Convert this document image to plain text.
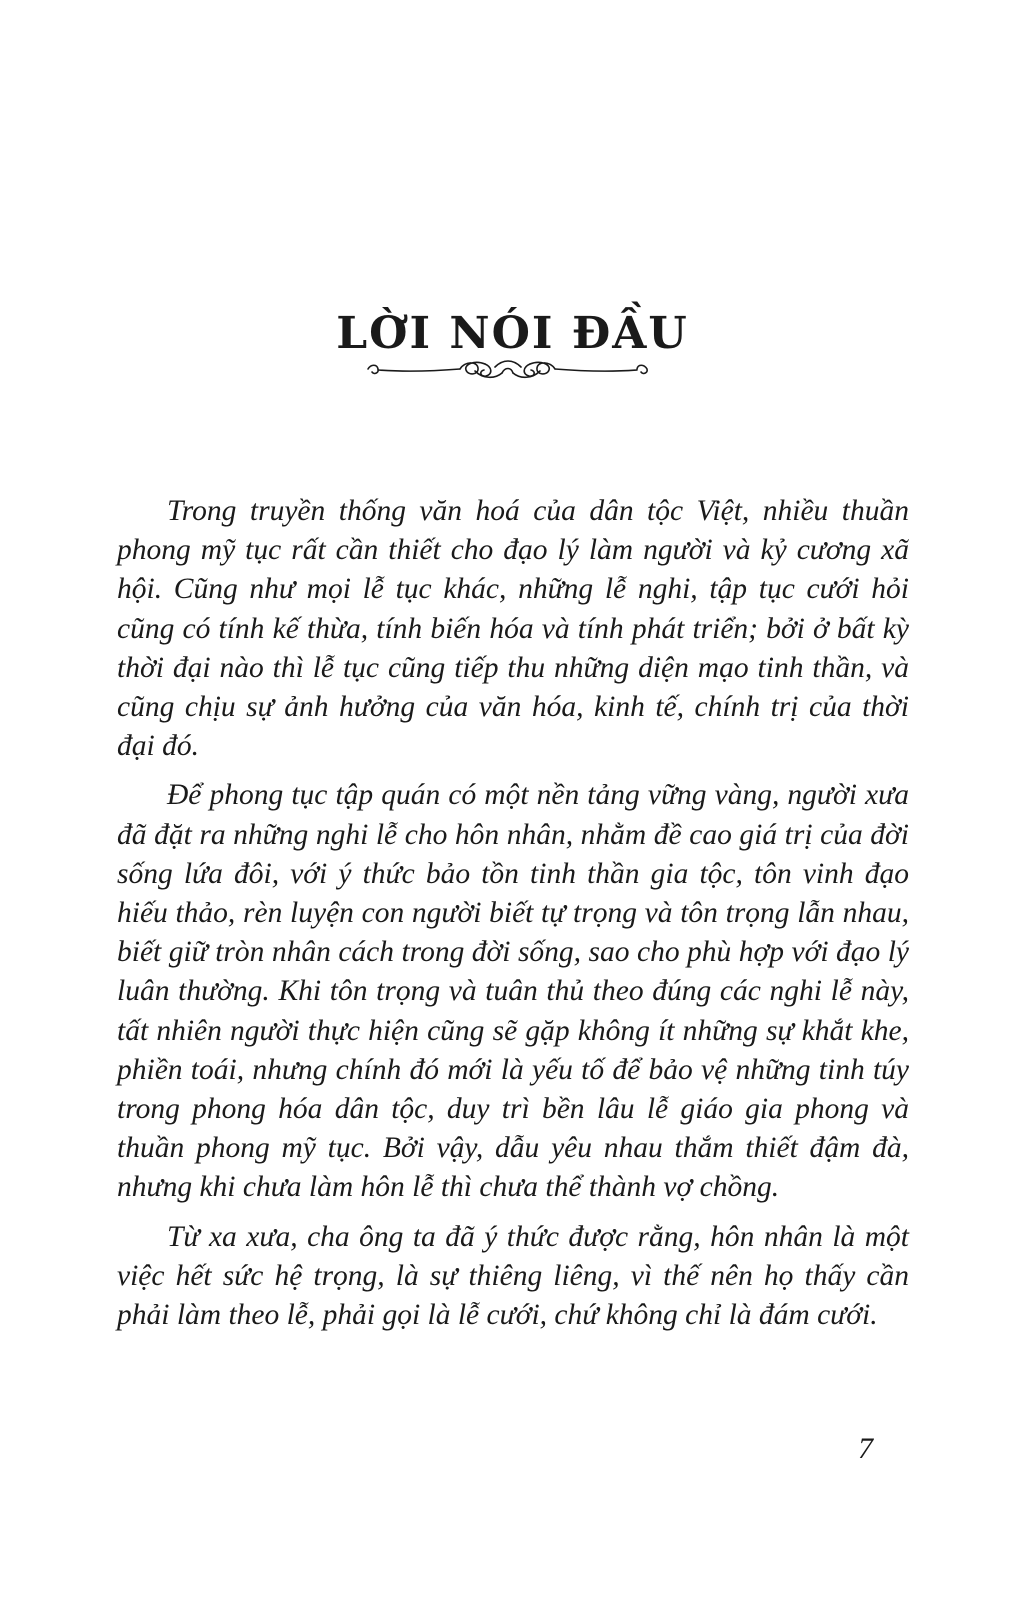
LỜI NÓI ĐẦU

Trong truyền thống văn hoá của dân tộc Việt, nhiều thuần phong mỹ tục rất cần thiết cho đạo lý làm người và kỷ cương xã hội. Cũng như mọi lễ tục khác, những lễ nghi, tập tục cưới hỏi cũng có tính kế thừa, tính biến hóa và tính phát triển; bởi ở bất kỳ thời đại nào thì lễ tục cũng tiếp thu những diện mạo tinh thần, và cũng chịu sự ảnh hưởng của văn hóa, kinh tế, chính trị của thời đại đó.

Để phong tục tập quán có một nền tảng vững vàng, người xưa đã đặt ra những nghi lễ cho hôn nhân, nhằm đề cao giá trị của đời sống lứa đôi, với ý thức bảo tồn tinh thần gia tộc, tôn vinh đạo hiếu thảo, rèn luyện con người biết tự trọng và tôn trọng lẫn nhau, biết giữ tròn nhân cách trong đời sống, sao cho phù hợp với đạo lý luân thường. Khi tôn trọng và tuân thủ theo đúng các nghi lễ này, tất nhiên người thực hiện cũng sẽ gặp không ít những sự khắt khe, phiền toái, nhưng chính đó mới là yếu tố để bảo vệ những tinh túy trong phong hóa dân tộc, duy trì bền lâu lễ giáo gia phong và thuần phong mỹ tục. Bởi vậy, dẫu yêu nhau thắm thiết đậm đà, nhưng khi chưa làm hôn lễ thì chưa thể thành vợ chồng.

Từ xa xưa, cha ông ta đã ý thức được rằng, hôn nhân là một việc hết sức hệ trọng, là sự thiêng liêng, vì thế nên họ thấy cần phải làm theo lễ, phải gọi là lễ cưới, chứ không chỉ là đám cưới.

7
